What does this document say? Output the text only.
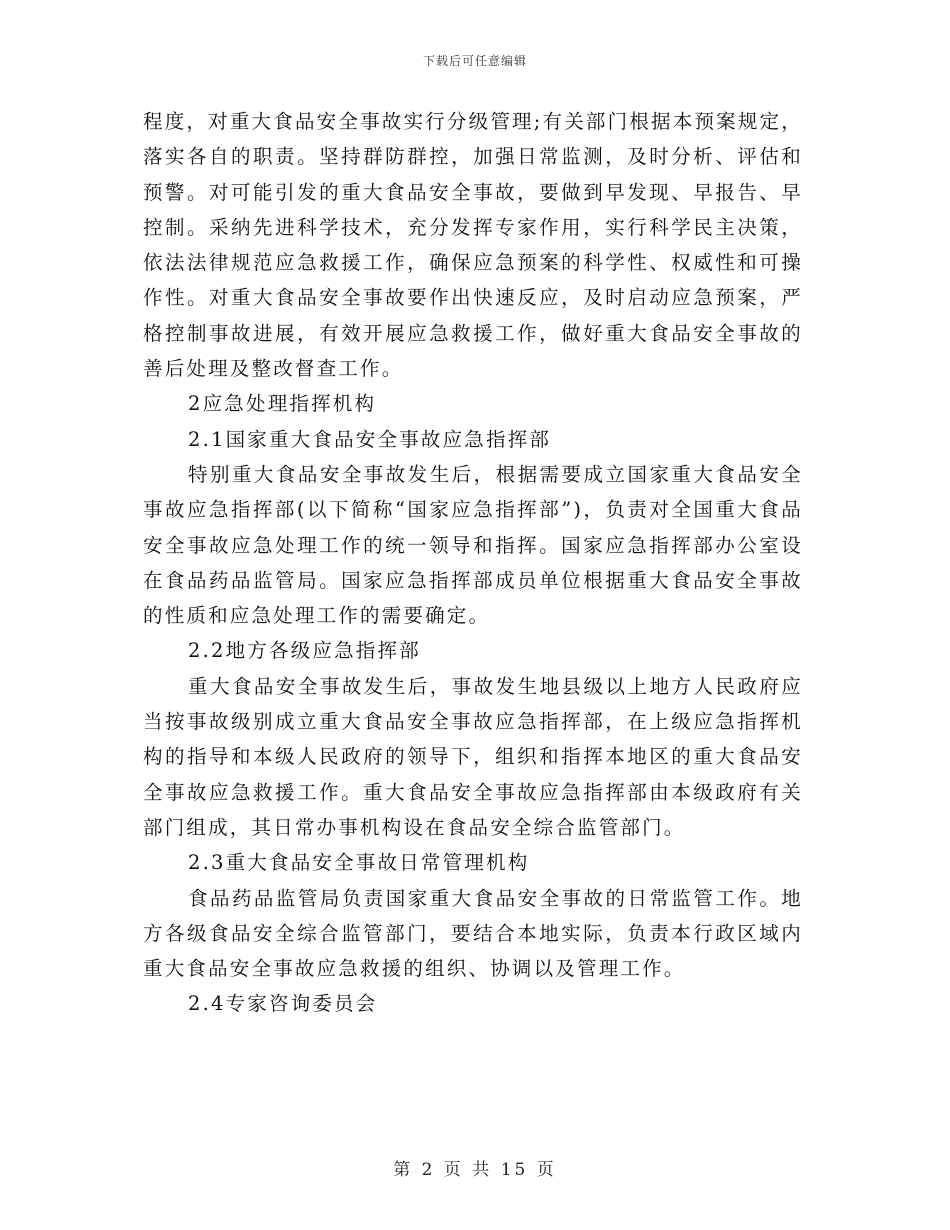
下载后可任意编辑

程度，对重大食品安全事故实行分级管理;有关部门根据本预案规定，落实各自的职责。坚持群防群控，加强日常监测，及时分析、评估和预警。对可能引发的重大食品安全事故，要做到早发现、早报告、早控制。采纳先进科学技术，充分发挥专家作用，实行科学民主决策，依法法律规范应急救援工作，确保应急预案的科学性、权威性和可操作性。对重大食品安全事故要作出快速反应，及时启动应急预案，严格控制事故进展，有效开展应急救援工作，做好重大食品安全事故的善后处理及整改督查工作。

2应急处理指挥机构

2.1国家重大食品安全事故应急指挥部

特别重大食品安全事故发生后，根据需要成立国家重大食品安全事故应急指挥部(以下简称“国家应急指挥部”)，负责对全国重大食品安全事故应急处理工作的统一领导和指挥。国家应急指挥部办公室设在食品药品监管局。国家应急指挥部成员单位根据重大食品安全事故的性质和应急处理工作的需要确定。

2.2地方各级应急指挥部

重大食品安全事故发生后，事故发生地县级以上地方人民政府应当按事故级别成立重大食品安全事故应急指挥部，在上级应急指挥机构的指导和本级人民政府的领导下，组织和指挥本地区的重大食品安全事故应急救援工作。重大食品安全事故应急指挥部由本级政府有关部门组成，其日常办事机构设在食品安全综合监管部门。

2.3重大食品安全事故日常管理机构

食品药品监管局负责国家重大食品安全事故的日常监管工作。地方各级食品安全综合监管部门，要结合本地实际，负责本行政区域内重大食品安全事故应急救援的组织、协调以及管理工作。

2.4专家咨询委员会

第 2 页 共 15 页
